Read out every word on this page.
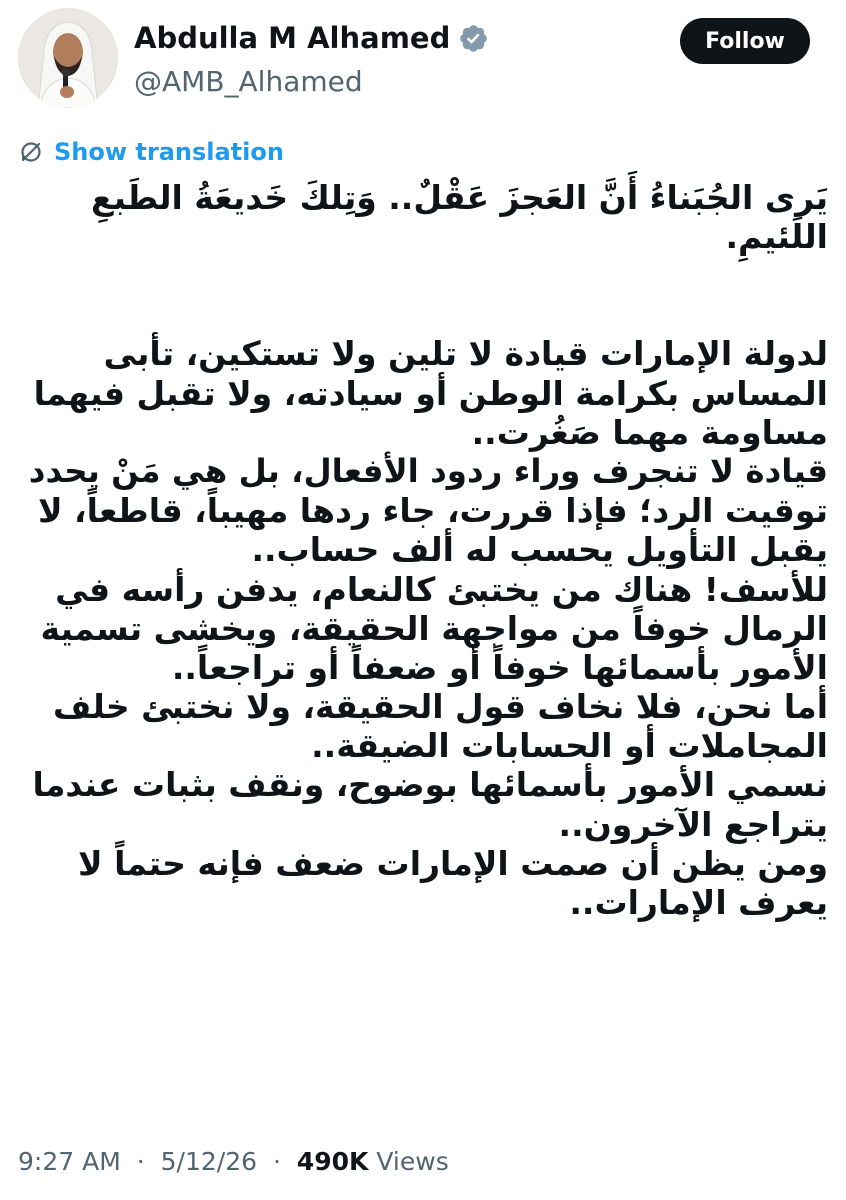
Abdulla M Alhamed
@AMB_Alhamed
Follow
Show translation
يَرى الجُبَناءُ أَنَّ العَجزَ عَقْلٌ.. وَتِلكَ خَديعَةُ الطَبعِ
اللَئيمِ.
لدولة الإمارات قيادة لا تلين ولا تستكين، تأبى
المساس بكرامة الوطن أو سيادته، ولا تقبل فيهما
مساومة مهما صَغُرت..
قيادة لا تنجرف وراء ردود الأفعال، بل هي مَنْ يحدد
توقيت الرد؛ فإذا قررت، جاء ردها مهيباً، قاطعاً، لا
يقبل التأويل يحسب له ألف حساب..
للأسف! هناك من يختبئ كالنعام، يدفن رأسه في
الرمال خوفاً من مواجهة الحقيقة، ويخشى تسمية
الأمور بأسمائها خوفاً أو ضعفاً أو تراجعاً..
أما نحن، فلا نخاف قول الحقيقة، ولا نختبئ خلف
المجاملات أو الحسابات الضيقة..
نسمي الأمور بأسمائها بوضوح، ونقف بثبات عندما
يتراجع الآخرون..
ومن يظن أن صمت الإمارات ضعف فإنه حتماً لا
يعرف الإمارات..
9:27 AM · 5/12/26 · 490K Views
